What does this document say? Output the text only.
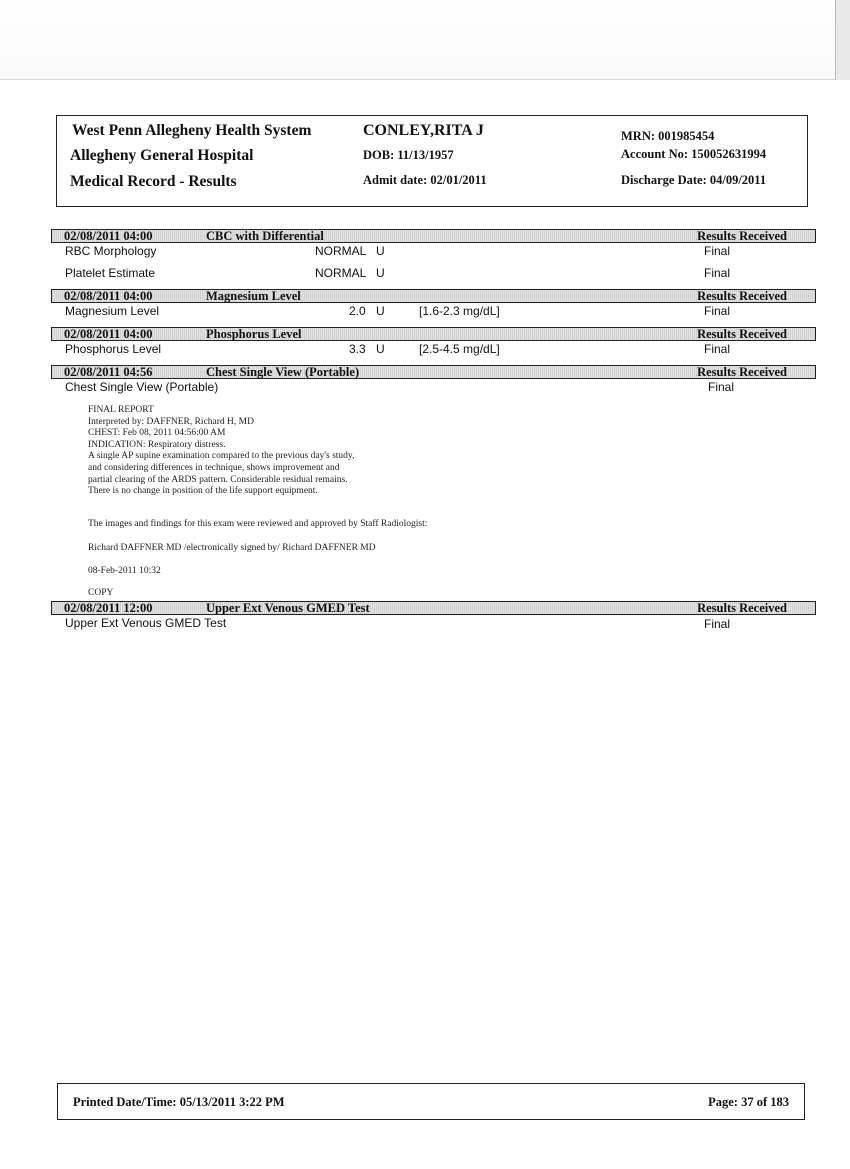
West Penn Allegheny Health System
Allegheny General Hospital
Medical Record - Results
CONLEY,RITA J
DOB: 11/13/1957
Admit date: 02/01/2011
MRN: 001985454
Account No: 150052631994
Discharge Date: 04/09/2011
02/08/2011 04:00	CBC with Differential	Results Received
RBC Morphology	NORMAL U	Final
Platelet Estimate	NORMAL U	Final
02/08/2011 04:00	Magnesium Level	Results Received
Magnesium Level	2.0 U	[1.6-2.3 mg/dL]	Final
02/08/2011 04:00	Phosphorus Level	Results Received
Phosphorus Level	3.3 U	[2.5-4.5 mg/dL]	Final
02/08/2011 04:56	Chest Single View (Portable)	Results Received
Chest Single View (Portable)	Final
FINAL REPORT
Interpreted by: DAFFNER, Richard H, MD
CHEST: Feb 08, 2011 04:56:00 AM
INDICATION: Respiratory distress.
A single AP supine examination compared to the previous day's study,
and considering differences in technique, shows improvement and
partial clearing of the ARDS pattern. Considerable residual remains.
There is no change in position of the life support equipment.
The images and findings for this exam were reviewed and approved by Staff Radiologist:
Richard DAFFNER MD /electronically signed by/ Richard DAFFNER MD
08-Feb-2011 10:32
COPY
02/08/2011 12:00	Upper Ext Venous GMED Test	Results Received
Upper Ext Venous GMED Test	Final
Printed Date/Time: 05/13/2011 3:22 PM	Page: 37 of 183
